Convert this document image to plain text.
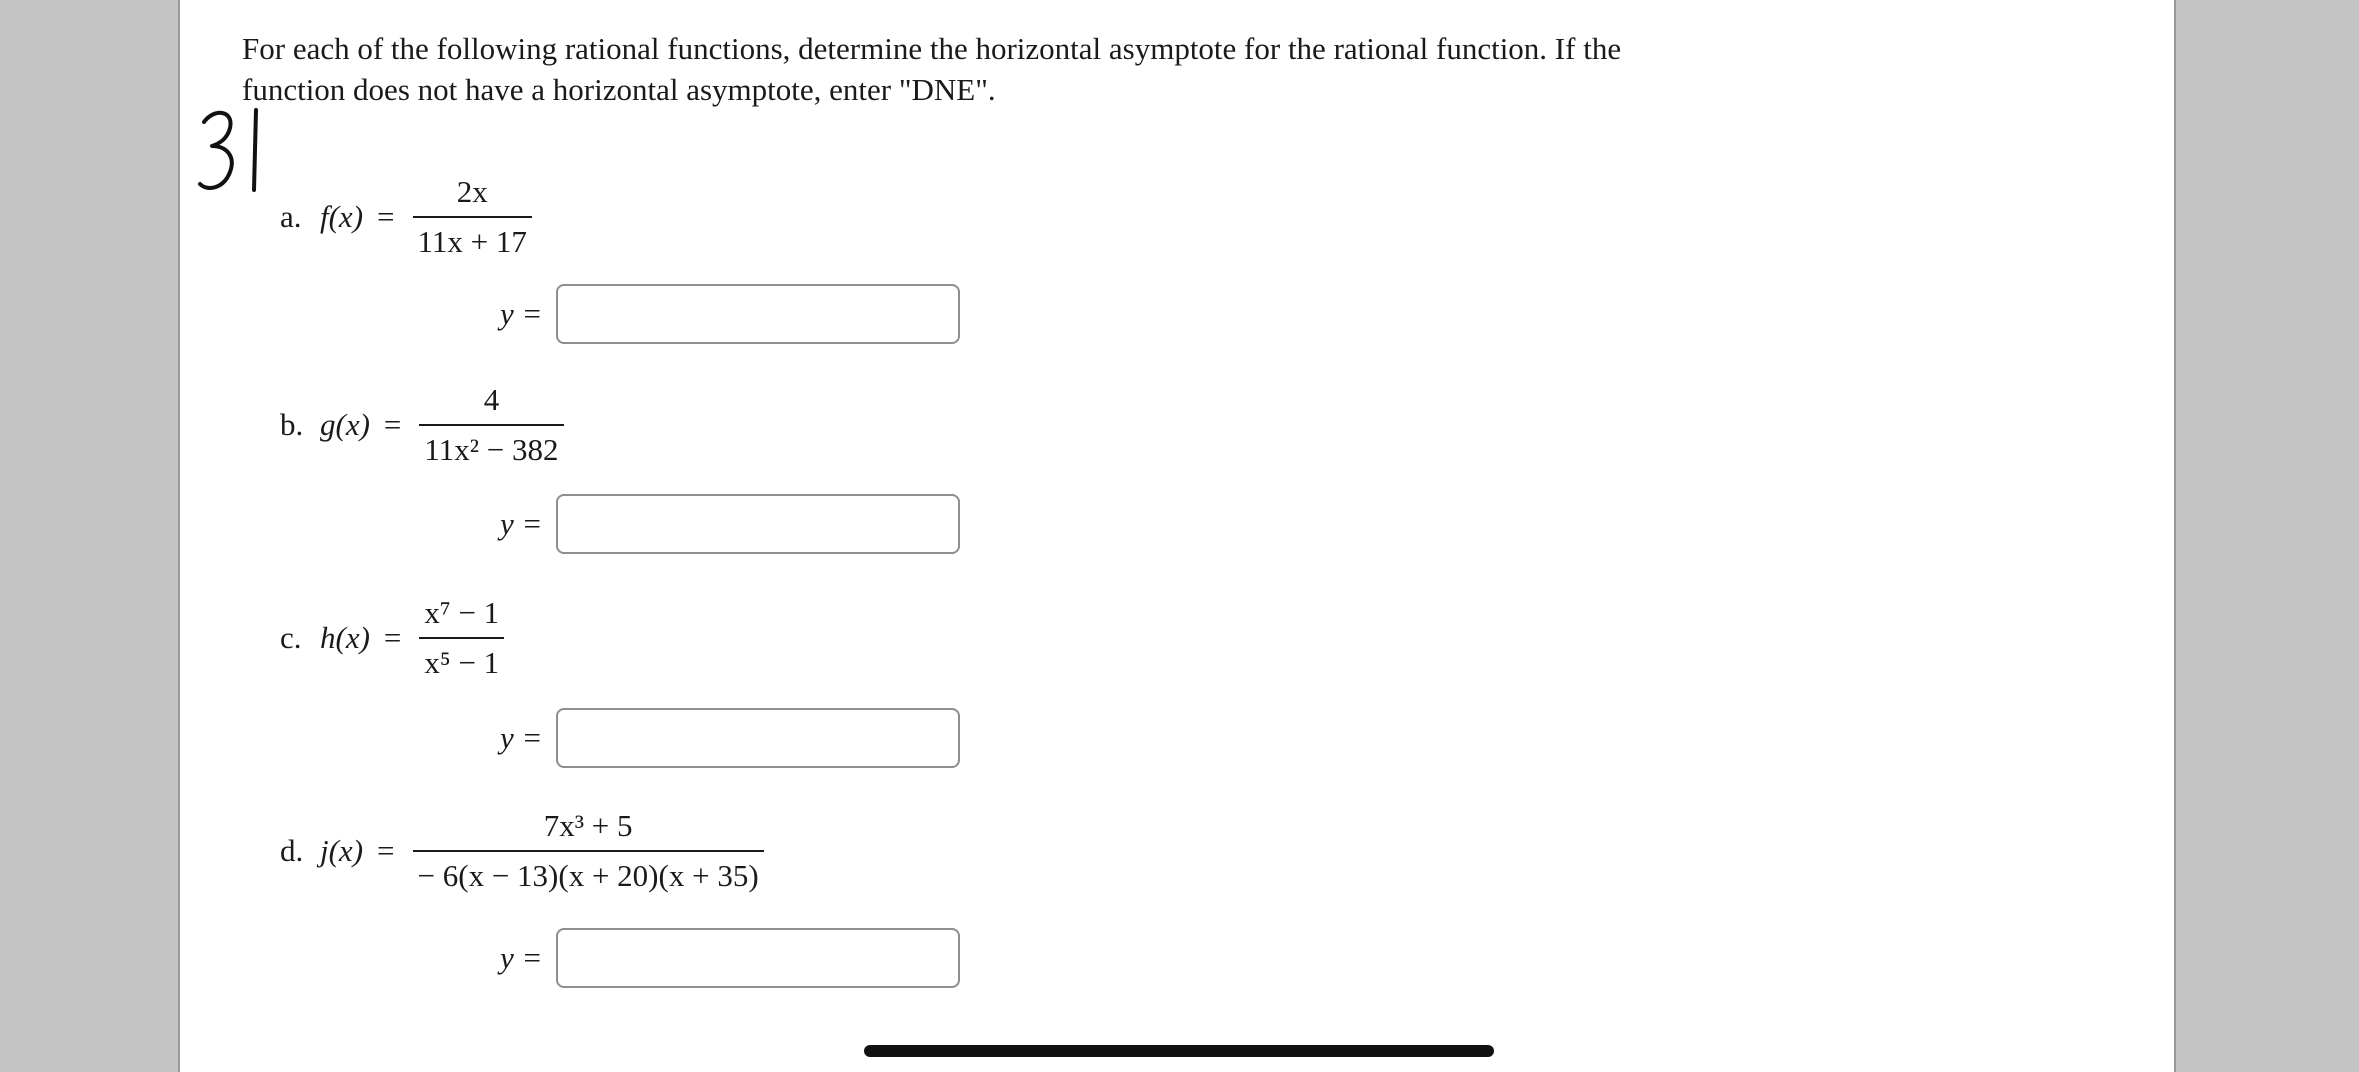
For each of the following rational functions, determine the horizontal asymptote for the rational function. If the function does not have a horizontal asymptote, enter "DNE".

a. $f(x) = \frac{2x}{11x + 17}$
y =
b. $g(x) = \frac{4}{\text{11x² − 382}}$
y =
c. $h(x) = \frac{\text{x⁷ − 1}}{\text{x⁵ − 1}}$
y =
d. $j(x) = \frac{\text{7x³ + 5}}{- 6(x - 13)(x + 20)(x + 35)}$
y =
